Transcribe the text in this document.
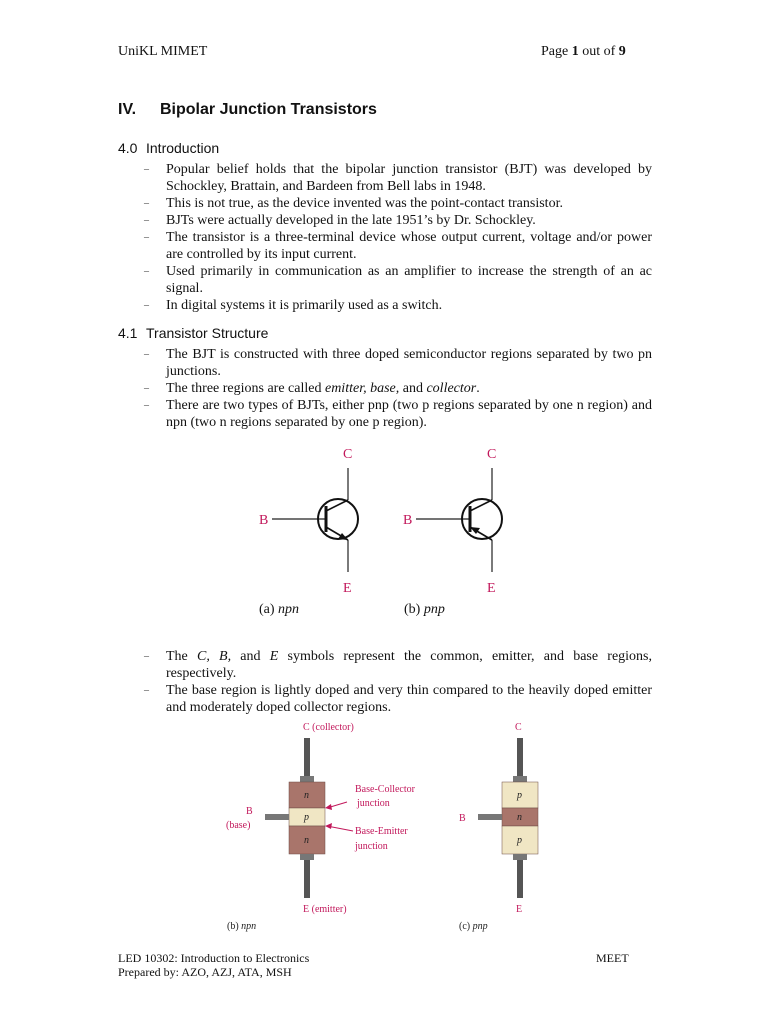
UniKL MIMET	Page 1 out of 9
IV. Bipolar Junction Transistors
4.0 Introduction
– Popular belief holds that the bipolar junction transistor (BJT) was developed by Schockley, Brattain, and Bardeen from Bell labs in 1948.
– This is not true, as the device invented was the point-contact transistor.
– BJTs were actually developed in the late 1951’s by Dr. Schockley.
– The transistor is a three-terminal device whose output current, voltage and/or power are controlled by its input current.
– Used primarily in communication as an amplifier to increase the strength of an ac signal.
– In digital systems it is primarily used as a switch.
4.1 Transistor Structure
– The BJT is constructed with three doped semiconductor regions separated by two pn junctions.
– The three regions are called emitter, base, and collector.
– There are two types of BJTs, either pnp (two p regions separated by one n region) and npn (two n regions separated by one p region).
C
B
E
C
B
E
(a) npn	(b) pnp
– The C, B, and E symbols represent the common, emitter, and base regions, respectively.
– The base region is lightly doped and very thin compared to the heavily doped emitter and moderately doped collector regions.
C (collector)
n
p
n
B
(base)
E (emitter)
Base-Collector
junction
Base-Emitter
junction
(b) npn
C
p
n
p
B
E
(c) pnp
LED 10302: Introduction to Electronics
Prepared by: AZO, AZJ, ATA, MSH
MEET
